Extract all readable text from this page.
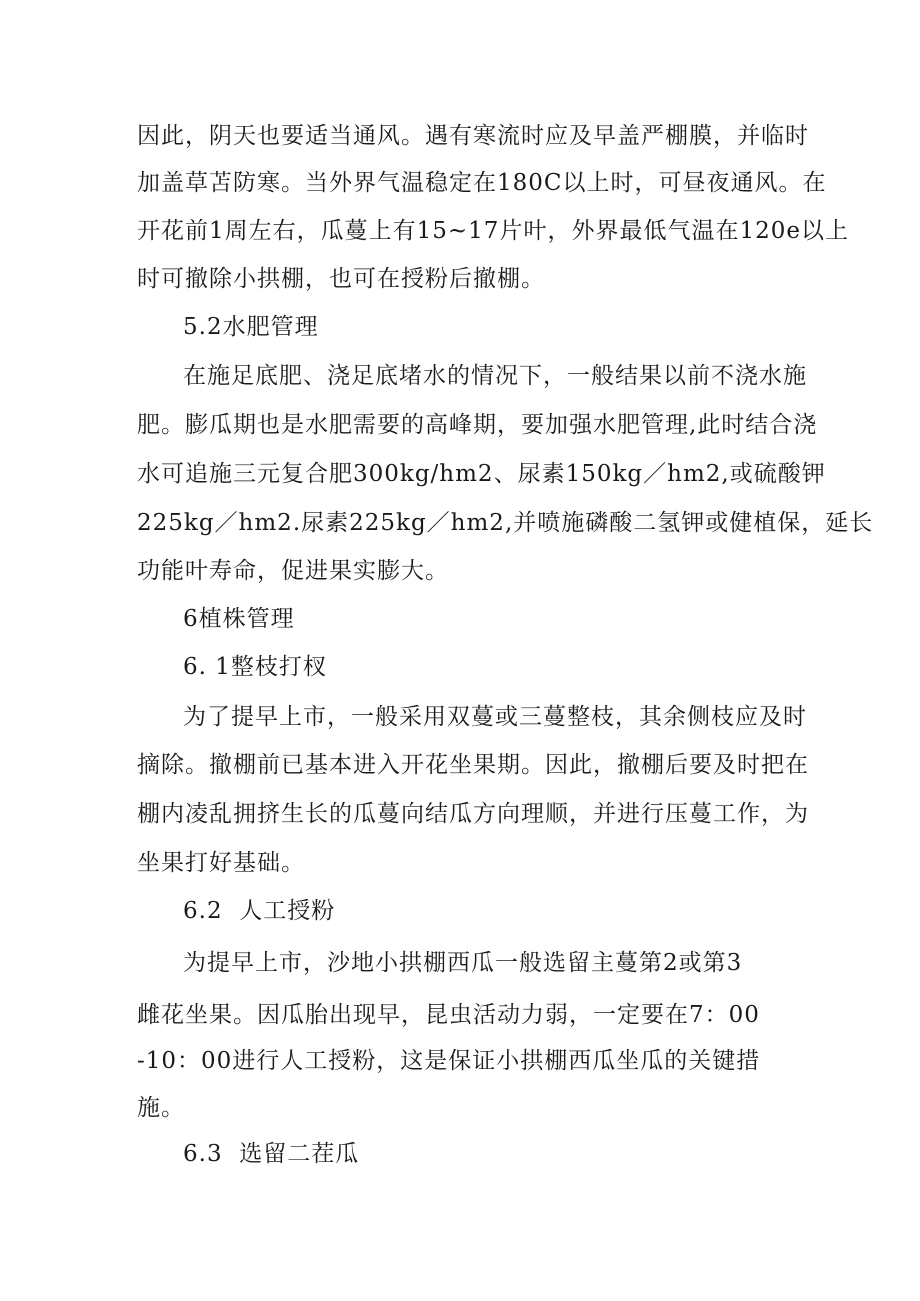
因此，阴天也要适当通风。遇有寒流时应及早盖严棚膜，并临时
加盖草苫防寒。当外界气温稳定在180C以上时，可昼夜通风。在
开花前1周左右，瓜蔓上有15~17片叶，外界最低气温在120e以上
时可撤除小拱棚，也可在授粉后撤棚。
5.2水肥管理
在施足底肥、浇足底堵水的情况下，一般结果以前不浇水施
肥。膨瓜期也是水肥需要的高峰期，要加强水肥管理,此时结合浇
水可追施三元复合肥300kg/hm2、尿素150kg／hm2,或硫酸钾
225kg／hm2.尿素225kg／hm2,并喷施磷酸二氢钾或健植保，延长
功能叶寿命，促进果实膨大。
6植株管理
6. 1整枝打杈
为了提早上市，一般采用双蔓或三蔓整枝，其余侧枝应及时
摘除。撤棚前已基本进入开花坐果期。因此，撤棚后要及时把在
棚内凌乱拥挤生长的瓜蔓向结瓜方向理顺，并进行压蔓工作，为
坐果打好基础。
6.2  人工授粉
为提早上市，沙地小拱棚西瓜一般选留主蔓第2或第3
雌花坐果。因瓜胎出现早，昆虫活动力弱，一定要在7：00
-10：00进行人工授粉，这是保证小拱棚西瓜坐瓜的关键措
施。
6.3  选留二茬瓜
